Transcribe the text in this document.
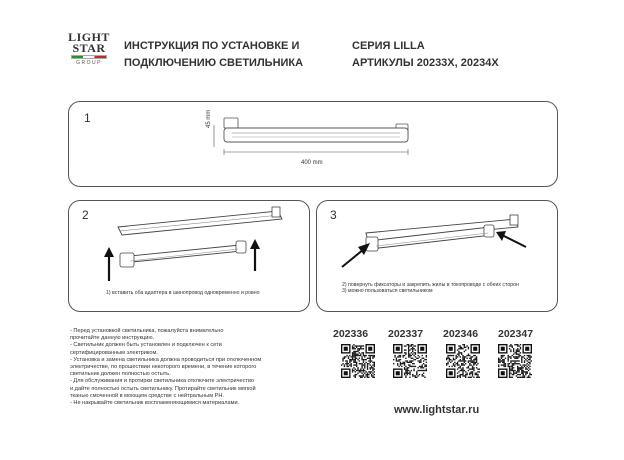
LIGHT
STAR
GROUP
ИНСТРУКЦИЯ ПО УСТАНОВКЕ И
ПОДКЛЮЧЕНИЮ СВЕТИЛЬНИКА
СЕРИЯ LILLA
АРТИКУЛЫ 20233X, 20234X
1	45 mm
400 mm
2
1) вставить оба адаптера в шинопровод одновременно и ровно
3
2) повернуть фиксаторы и закрепить жилы в токопроводе с обеих сторон
3) можно пользоваться светильником
- Перед установкой светильника, пожалуйста внимательно
прочитайте данную инструкцию.
- Светильник должен быть установлен и подключен к сети
сертифицированным электриком.
- Установка и замена светильника должна проводиться при отключенном
электричестве, по прошествии некоторого времени, в течение которого
светильник должен полностью остыть.
- Для обслуживания и протирки светильника отключите электричество
и дайте полностью остыть светильнику. Протирайте светильник мягкой
тканью смоченной в моющем средстве с нейтральным PH.
- Не накрывайте светильник воспламеняющимися материалами.
202336 202337 202346 202347
www.lightstar.ru
